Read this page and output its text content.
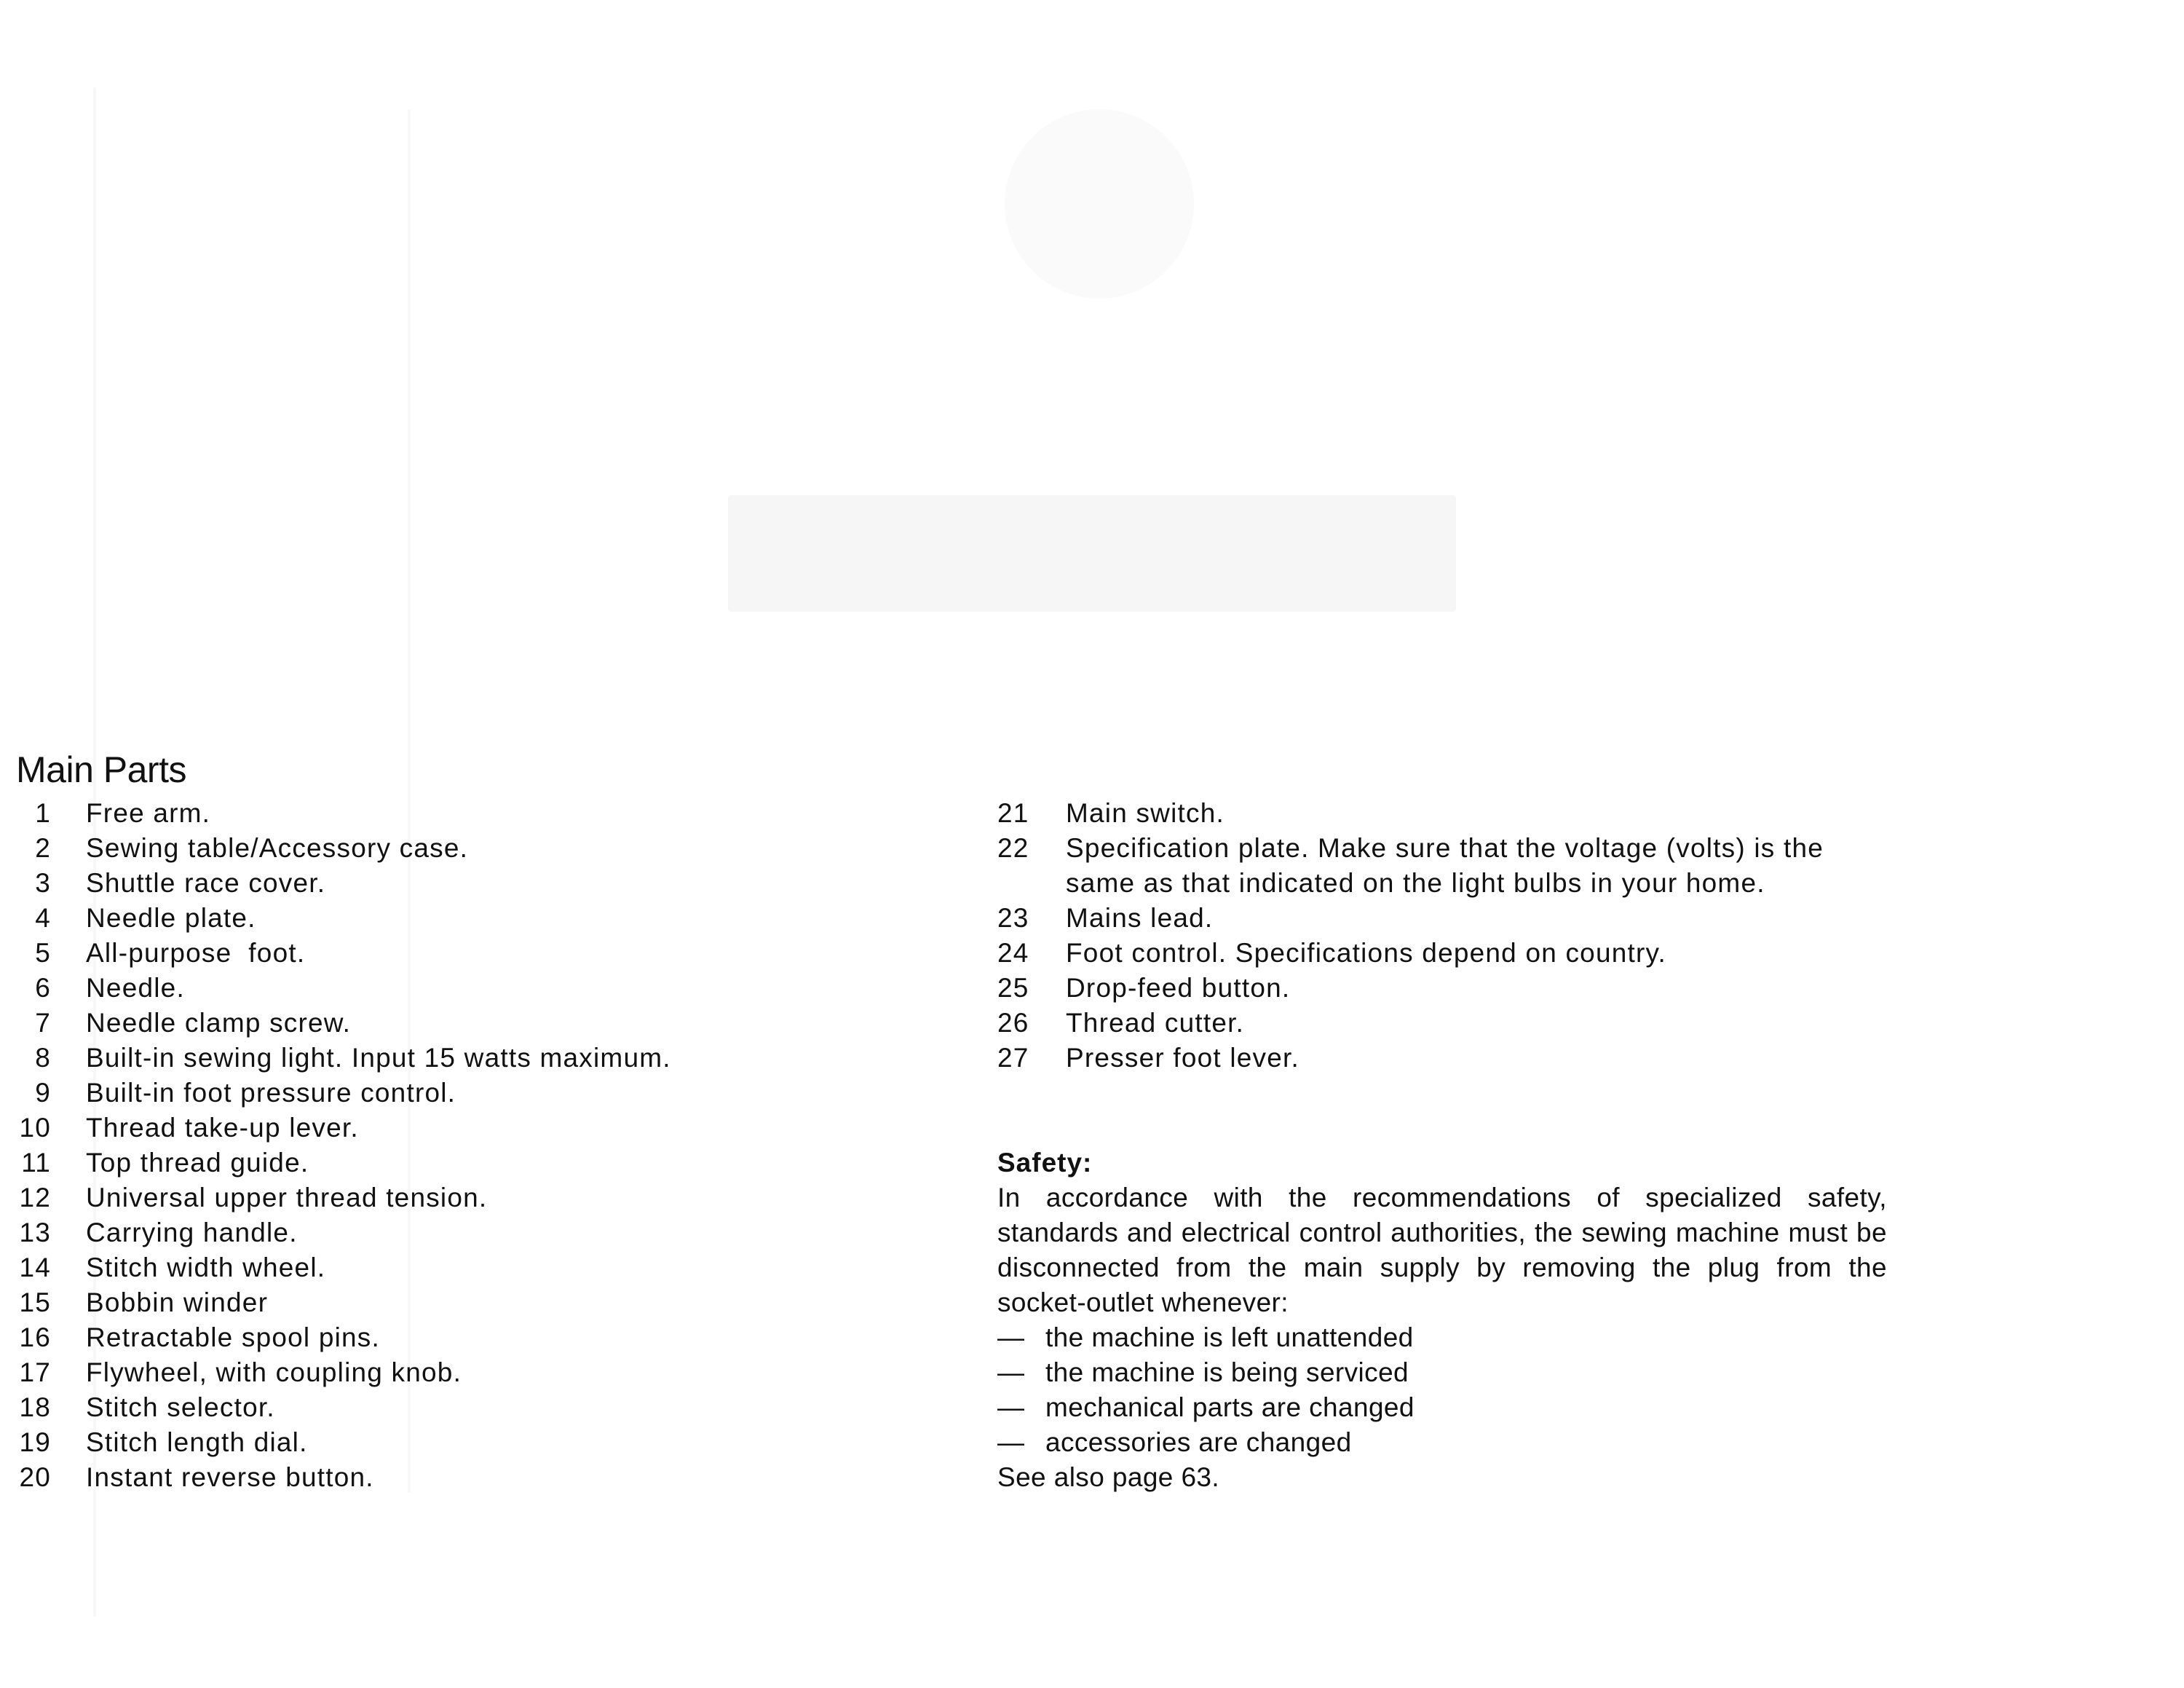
Main Parts
1	Free arm.
2	Sewing table/Accessory case.
3	Shuttle race cover.
4	Needle plate.
5	All-purpose  foot.
6	Needle.
7	Needle clamp screw.
8	Built-in sewing light. Input 15 watts maximum.
9	Built-in foot pressure control.
10	Thread take-up lever.
11	Top thread guide.
12	Universal upper thread tension.
13	Carrying handle.
14	Stitch width wheel.
15	Bobbin winder
16	Retractable spool pins.
17	Flywheel, with coupling knob.
18	Stitch selector.
19	Stitch length dial.
20	Instant reverse button.
21	Main switch.
22	Specification plate. Make sure that the voltage (volts) is the same as that indicated on the light bulbs in your home.
23	Mains lead.
24	Foot control. Specifications depend on country.
25	Drop-feed button.
26	Thread cutter.
27	Presser foot lever.
Safety:
In accordance with the recommendations of specialized safety, standards and electrical control authorities, the sewing machine must be disconnected from the main supply by removing the plug from the socket-outlet whenever:
— the machine is left unattended
— the machine is being serviced
— mechanical parts are changed
— accessories are changed
See also page 63.
